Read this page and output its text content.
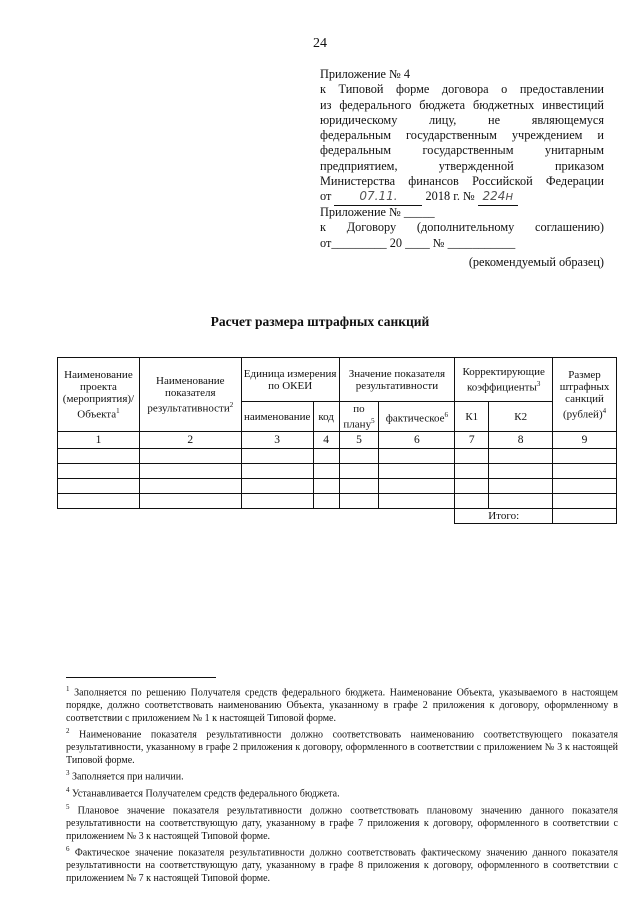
24
Приложение № 4
к Типовой форме договора о предоставлении
из федерального бюджета бюджетных инвестиций
юридическому лицу, не являющемуся
федеральным государственным учреждением и
федеральным государственным унитарным
предприятием, утвержденной приказом
Министерства финансов Российской Федерации
от 07.11. 2018 г. № 224н
Приложение № _____
к Договору (дополнительному соглашению)
от_________ 20 ____ № ___________
(рекомендуемый образец)
Расчет размера штрафных санкций
Наименование проекта (мероприятия)/ Объекта$^1$	Наименование показателя результативности$^2$	Единица измерения по ОКЕИ		Значение показателя результативности		Корректирующие коэффициенты$^3$		Размер штрафных санкций (рублей)$^4$
		наименование	код	по плану$^5$	фактическое$^6$	К1	К2	
1	2	3	4	5	6	7	8	9

						Итого:		

$^1$ Заполняется по решению Получателя средств федерального бюджета. Наименование Объекта, указываемого в настоящем порядке, должно соответствовать наименованию Объекта, указанному в графе 2 приложения к договору, оформленному в соответствии с приложением № 1 к настоящей Типовой форме.

$^2$ Наименование показателя результативности должно соответствовать наименованию соответствующего показателя результативности, указанному в графе 2 приложения к договору, оформленного в соответствии с приложением № 3 к настоящей Типовой форме.

$^3$ Заполняется при наличии.

$^4$ Устанавливается Получателем средств федерального бюджета.

$^5$ Плановое значение показателя результативности должно соответствовать плановому значению данного показателя результативности на соответствующую дату, указанному в графе 7 приложения к договору, оформленного в соответствии с приложением № 3 к настоящей Типовой форме.

$^6$ Фактическое значение показателя результативности должно соответствовать фактическому значению данного показателя результативности на соответствующую дату, указанному в графе 8 приложения к договору, оформленного в соответствии с приложением № 7 к настоящей Типовой форме.
